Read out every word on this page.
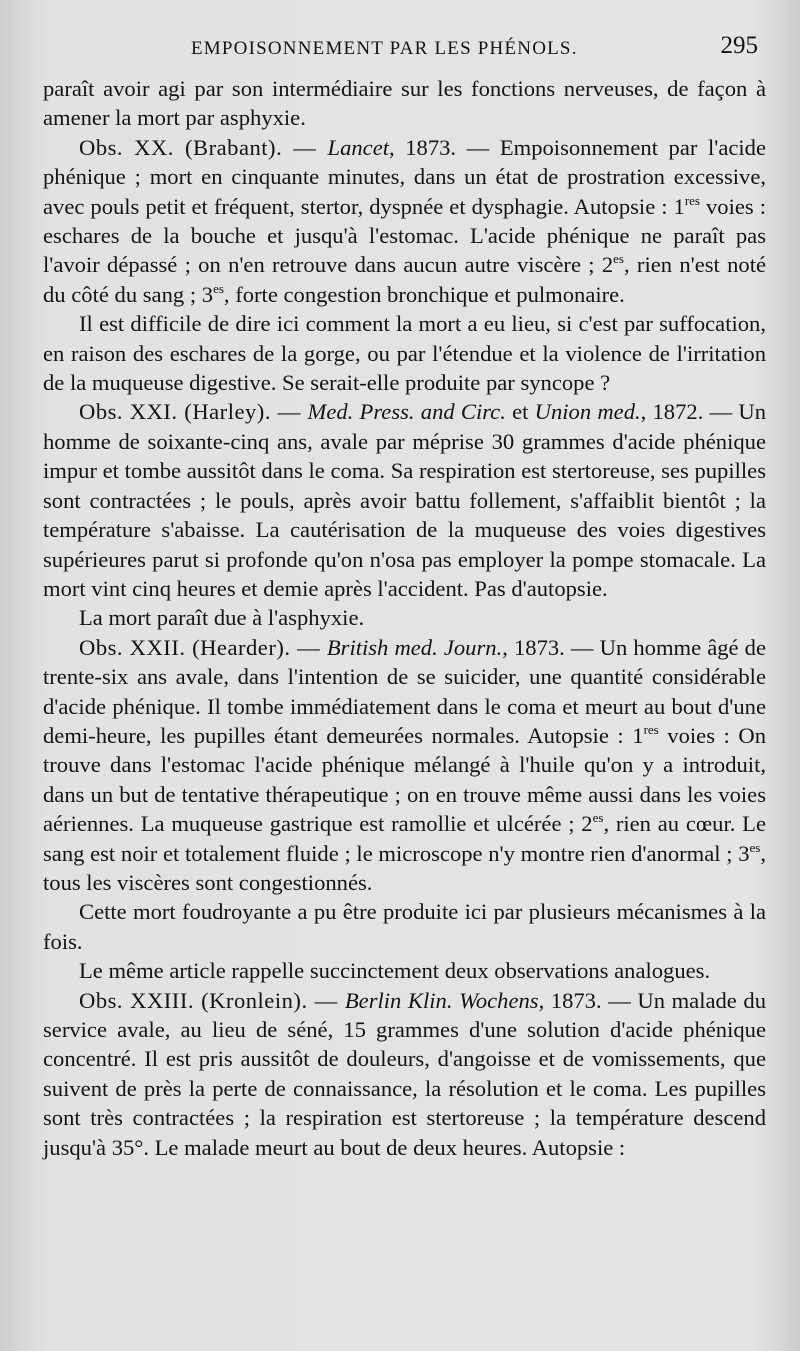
EMPOISONNEMENT PAR LES PHÉNOLS.	295

paraît avoir agi par son intermédiaire sur les fonctions nerveuses, de façon à amener la mort par asphyxie.

Obs. XX. (Brabant). — Lancet, 1873. — Empoisonnement par l'acide phénique ; mort en cinquante minutes, dans un état de prostration excessive, avec pouls petit et fréquent, stertor, dyspnée et dysphagie. Autopsie : 1res voies : eschares de la bouche et jusqu'à l'estomac. L'acide phénique ne paraît pas l'avoir dépassé ; on n'en retrouve dans aucun autre viscère ; $2^{es}$, rien n'est noté du côté du sang ; $3^{es}$, forte congestion bronchique et pulmonaire.

Il est difficile de dire ici comment la mort a eu lieu, si c'est par suffocation, en raison des eschares de la gorge, ou par l'étendue et la violence de l'irritation de la muqueuse digestive. Se serait-elle produite par syncope ?

Obs. XXI. (Harley). — Med. Press. and Circ. et Union med., 1872. — Un homme de soixante-cinq ans, avale par méprise 30 grammes d'acide phénique impur et tombe aussitôt dans le coma. Sa respiration est stertoreuse, ses pupilles sont contractées ; le pouls, après avoir battu follement, s'affaiblit bientôt ; la température s'abaisse. La cautérisation de la muqueuse des voies digestives supérieures parut si profonde qu'on n'osa pas employer la pompe stomacale. La mort vint cinq heures et demie après l'accident. Pas d'autopsie.

La mort paraît due à l'asphyxie.

Obs. XXII. (Hearder). — British med. Journ., 1873. — Un homme âgé de trente-six ans avale, dans l'intention de se suicider, une quantité considérable d'acide phénique. Il tombe immédiatement dans le coma et meurt au bout d'une demi-heure, les pupilles étant demeurées normales. Autopsie : 1res voies : On trouve dans l'estomac l'acide phénique mélangé à l'huile qu'on y a introduit, dans un but de tentative thérapeutique ; on en trouve même aussi dans les voies aériennes. La muqueuse gastrique est ramollie et ulcérée ; $2^{es}$, rien au cœur. Le sang est noir et totalement fluide ; le microscope n'y montre rien d'anormal ; $3^{es}$, tous les viscères sont congestionnés.

Cette mort foudroyante a pu être produite ici par plusieurs mécanismes à la fois.

Le même article rappelle succinctement deux observations analogues.

Obs. XXIII. (Kronlein). — Berlin Klin. Wochens, 1873. — Un malade du service avale, au lieu de séné, 15 grammes d'une solution d'acide phénique concentré. Il est pris aussitôt de douleurs, d'angoisse et de vomissements, que suivent de près la perte de connaissance, la résolution et le coma. Les pupilles sont très contractées ; la respiration est stertoreuse ; la température descend jusqu'à 35°. Le malade meurt au bout de deux heures. Autopsie :
